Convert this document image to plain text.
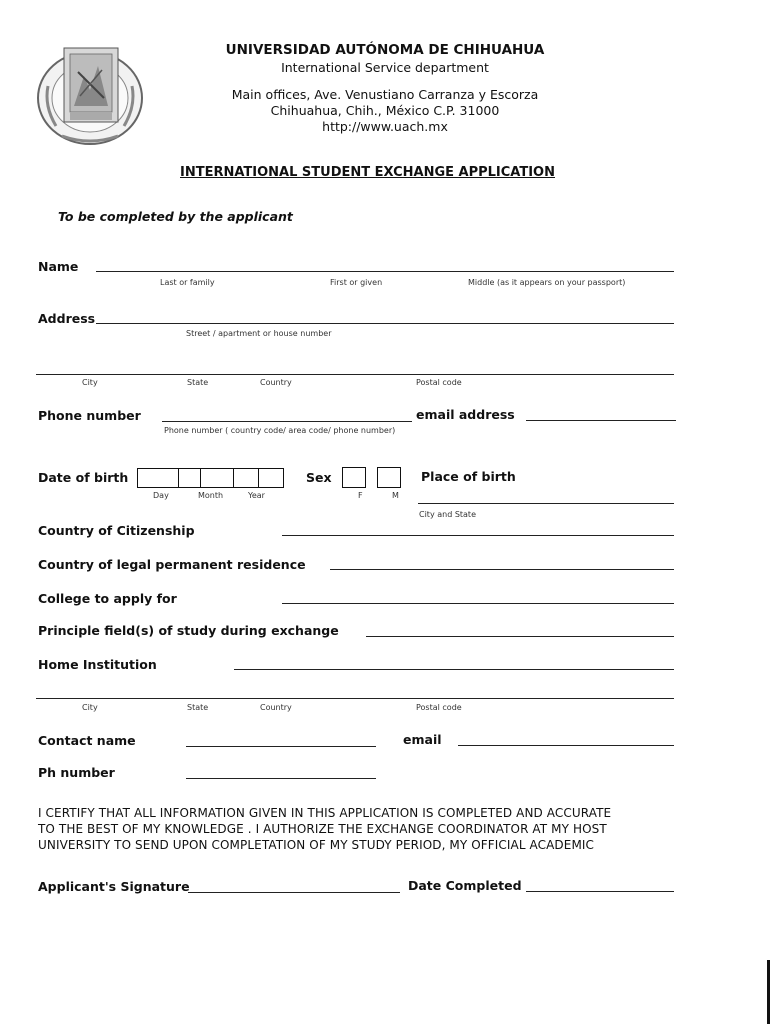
UNIVERSIDAD AUTÓNOMA DE CHIHUAHUA
International Service department
Main offices, Ave. Venustiano Carranza y Escorza
Chihuahua, Chih., México C.P. 31000
http://www.uach.mx
INTERNATIONAL STUDENT EXCHANGE APPLICATION
To be completed by the applicant
Name
Last or family	First or given	Middle (as it appears on your passport)
Address
Street / apartment or house number
City	State	Country	Postal code
Phone number
Phone number ( country code/ area code/ phone number)
email address
Date of birth
Day	Month	Year
Sex
F	M
Place of birth
City and State
Country of Citizenship
Country of legal permanent residence
College to apply for
Principle field(s) of study during exchange
Home Institution
City	State	Country	Postal code
Contact name	email
Ph number
I CERTIFY THAT ALL INFORMATION GIVEN IN THIS APPLICATION IS COMPLETED AND ACCURATE
TO THE BEST OF MY KNOWLEDGE . I AUTHORIZE THE EXCHANGE COORDINATOR AT MY HOST
UNIVERSITY TO SEND UPON COMPLETATION OF MY STUDY PERIOD, MY OFFICIAL ACADEMIC
Applicant's Signature	Date Completed
